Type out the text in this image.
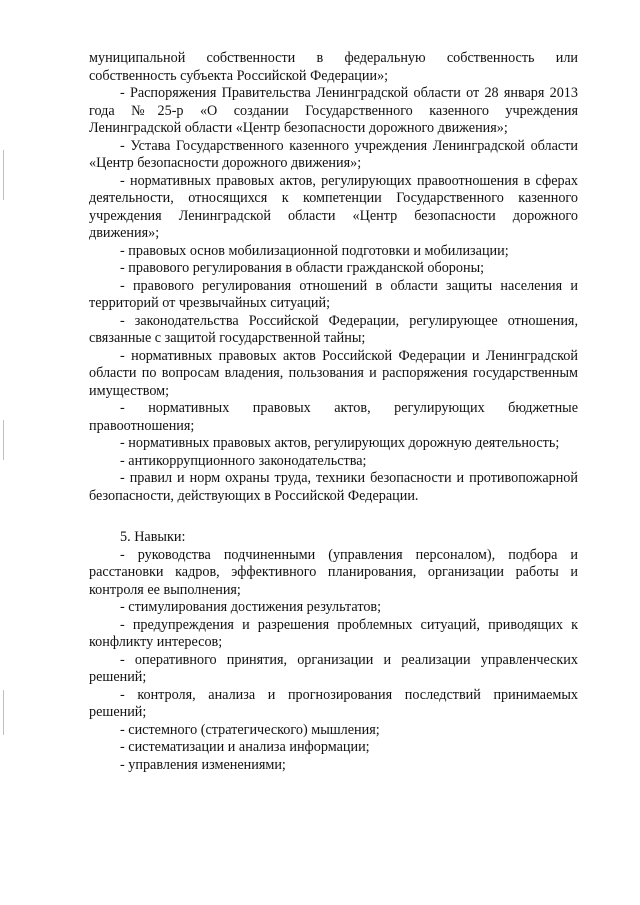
муниципальной собственности в федеральную собственность или собственность субъекта Российской Федерации»;

- Распоряжения Правительства Ленинградской области от 28 января 2013 года №25-р «О создании Государственного казенного учреждения Ленинградской области «Центр безопасности дорожного движения»;

- Устава Государственного казенного учреждения Ленинградской области «Центр безопасности дорожного движения»;

- нормативных правовых актов, регулирующих правоотношения в сферах деятельности, относящихся к компетенции Государственного казенного учреждения Ленинградской области «Центр безопасности дорожного движения»;

- правовых основ мобилизационной подготовки и мобилизации;

- правового регулирования в области гражданской обороны;

- правового регулирования отношений в области защиты населения и территорий от чрезвычайных ситуаций;

- законодательства Российской Федерации, регулирующее отношения, связанные с защитой государственной тайны;

- нормативных правовых актов Российской Федерации и Ленинградской области по вопросам владения, пользования и распоряжения государственным имуществом;

- нормативных правовых актов, регулирующих бюджетные правоотношения;

- нормативных правовых актов, регулирующих дорожную деятельность;

- антикоррупционного законодательства;

- правил и норм охраны труда, техники безопасности и противопожарной безопасности, действующих в Российской Федерации.

5. Навыки:

- руководства подчиненными (управления персоналом), подбора и расстановки кадров, эффективного планирования, организации работы и контроля ее выполнения;

- стимулирования достижения результатов;

- предупреждения и разрешения проблемных ситуаций, приводящих к конфликту интересов;

- оперативного принятия, организации и реализации управленческих решений;

- контроля, анализа и прогнозирования последствий принимаемых решений;

- системного (стратегического) мышления;

- систематизации и анализа информации;

- управления изменениями;
